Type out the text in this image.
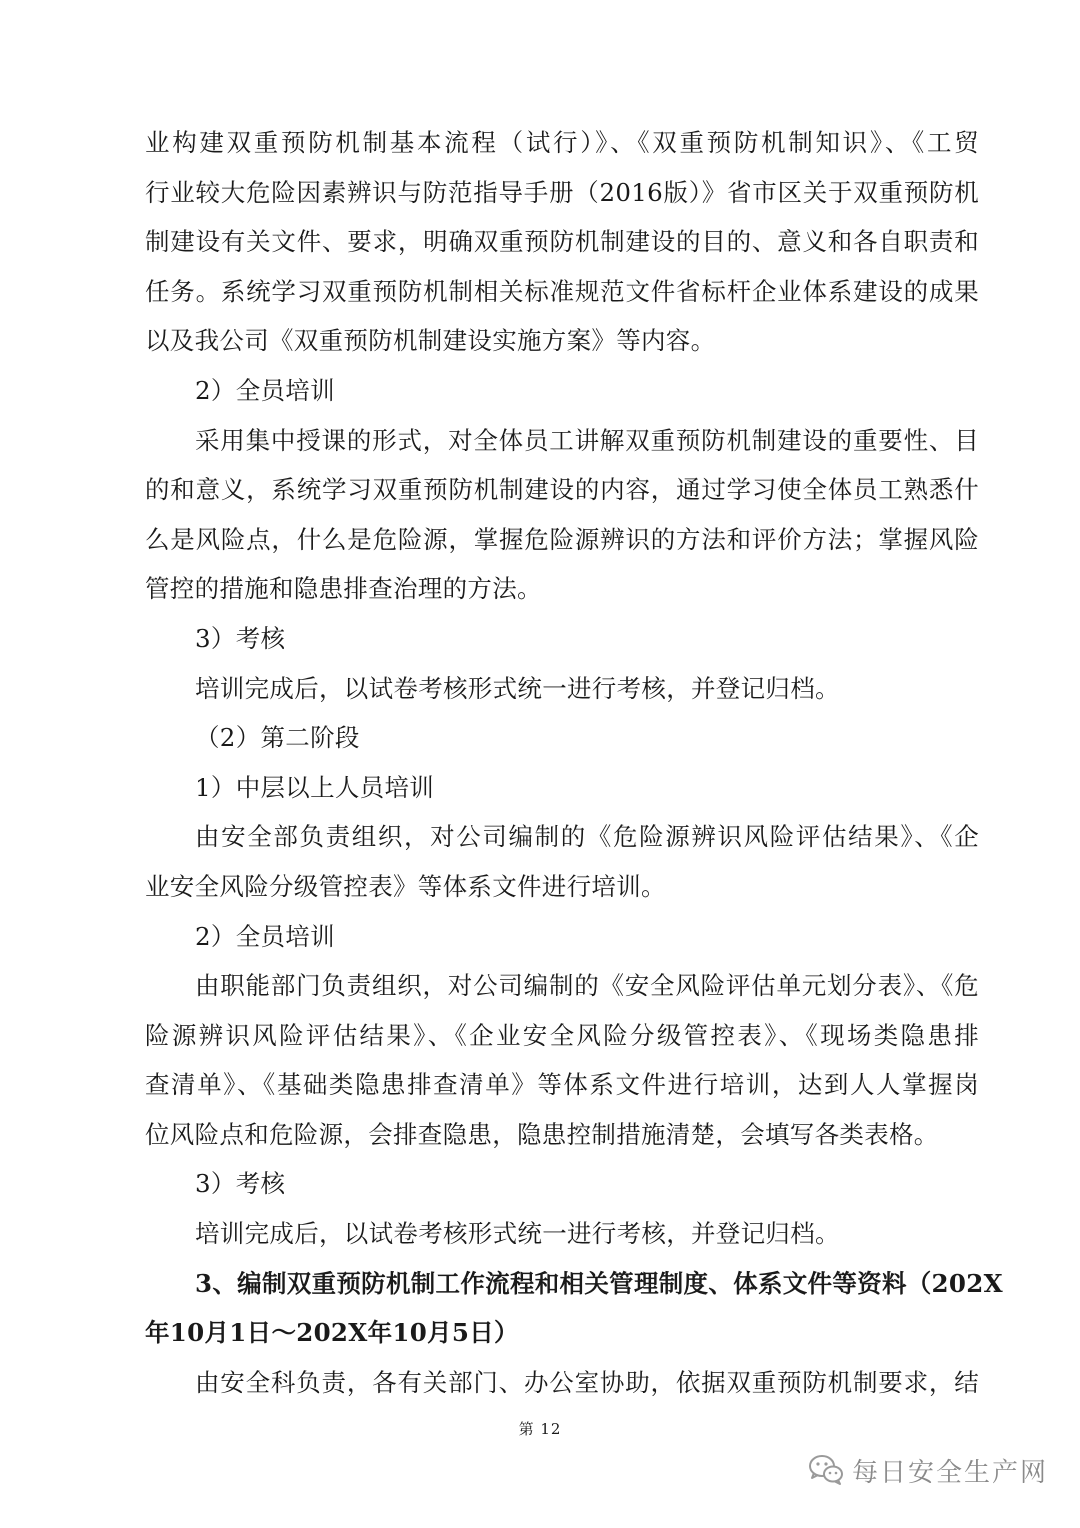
业构建双重预防机制基本流程（试行）》、《双重预防机制知识》、《工贸
行业较大危险因素辨识与防范指导手册（2016版）》省市区关于双重预防机
制建设有关文件、要求，明确双重预防机制建设的目的、意义和各自职责和
任务。系统学习双重预防机制相关标准规范文件省标杆企业体系建设的成果
以及我公司《双重预防机制建设实施方案》等内容。
2）全员培训
采用集中授课的形式，对全体员工讲解双重预防机制建设的重要性、目
的和意义，系统学习双重预防机制建设的内容，通过学习使全体员工熟悉什
么是风险点，什么是危险源，掌握危险源辨识的方法和评价方法；掌握风险
管控的措施和隐患排查治理的方法。
3）考核
培训完成后，以试卷考核形式统一进行考核，并登记归档。
（2）第二阶段
1）中层以上人员培训
由安全部负责组织，对公司编制的《危险源辨识风险评估结果》、《企
业安全风险分级管控表》等体系文件进行培训。
2）全员培训
由职能部门负责组织，对公司编制的《安全风险评估单元划分表》、《危
险源辨识风险评估结果》、《企业安全风险分级管控表》、《现场类隐患排
查清单》、《基础类隐患排查清单》等体系文件进行培训，达到人人掌握岗
位风险点和危险源，会排查隐患，隐患控制措施清楚，会填写各类表格。
3）考核
培训完成后，以试卷考核形式统一进行考核，并登记归档。
3、编制双重预防机制工作流程和相关管理制度、体系文件等资料（202X
年10月1日～202X年10月5日）
由安全科负责，各有关部门、办公室协助，依据双重预防机制要求，结
第 12
每日安全生产网
